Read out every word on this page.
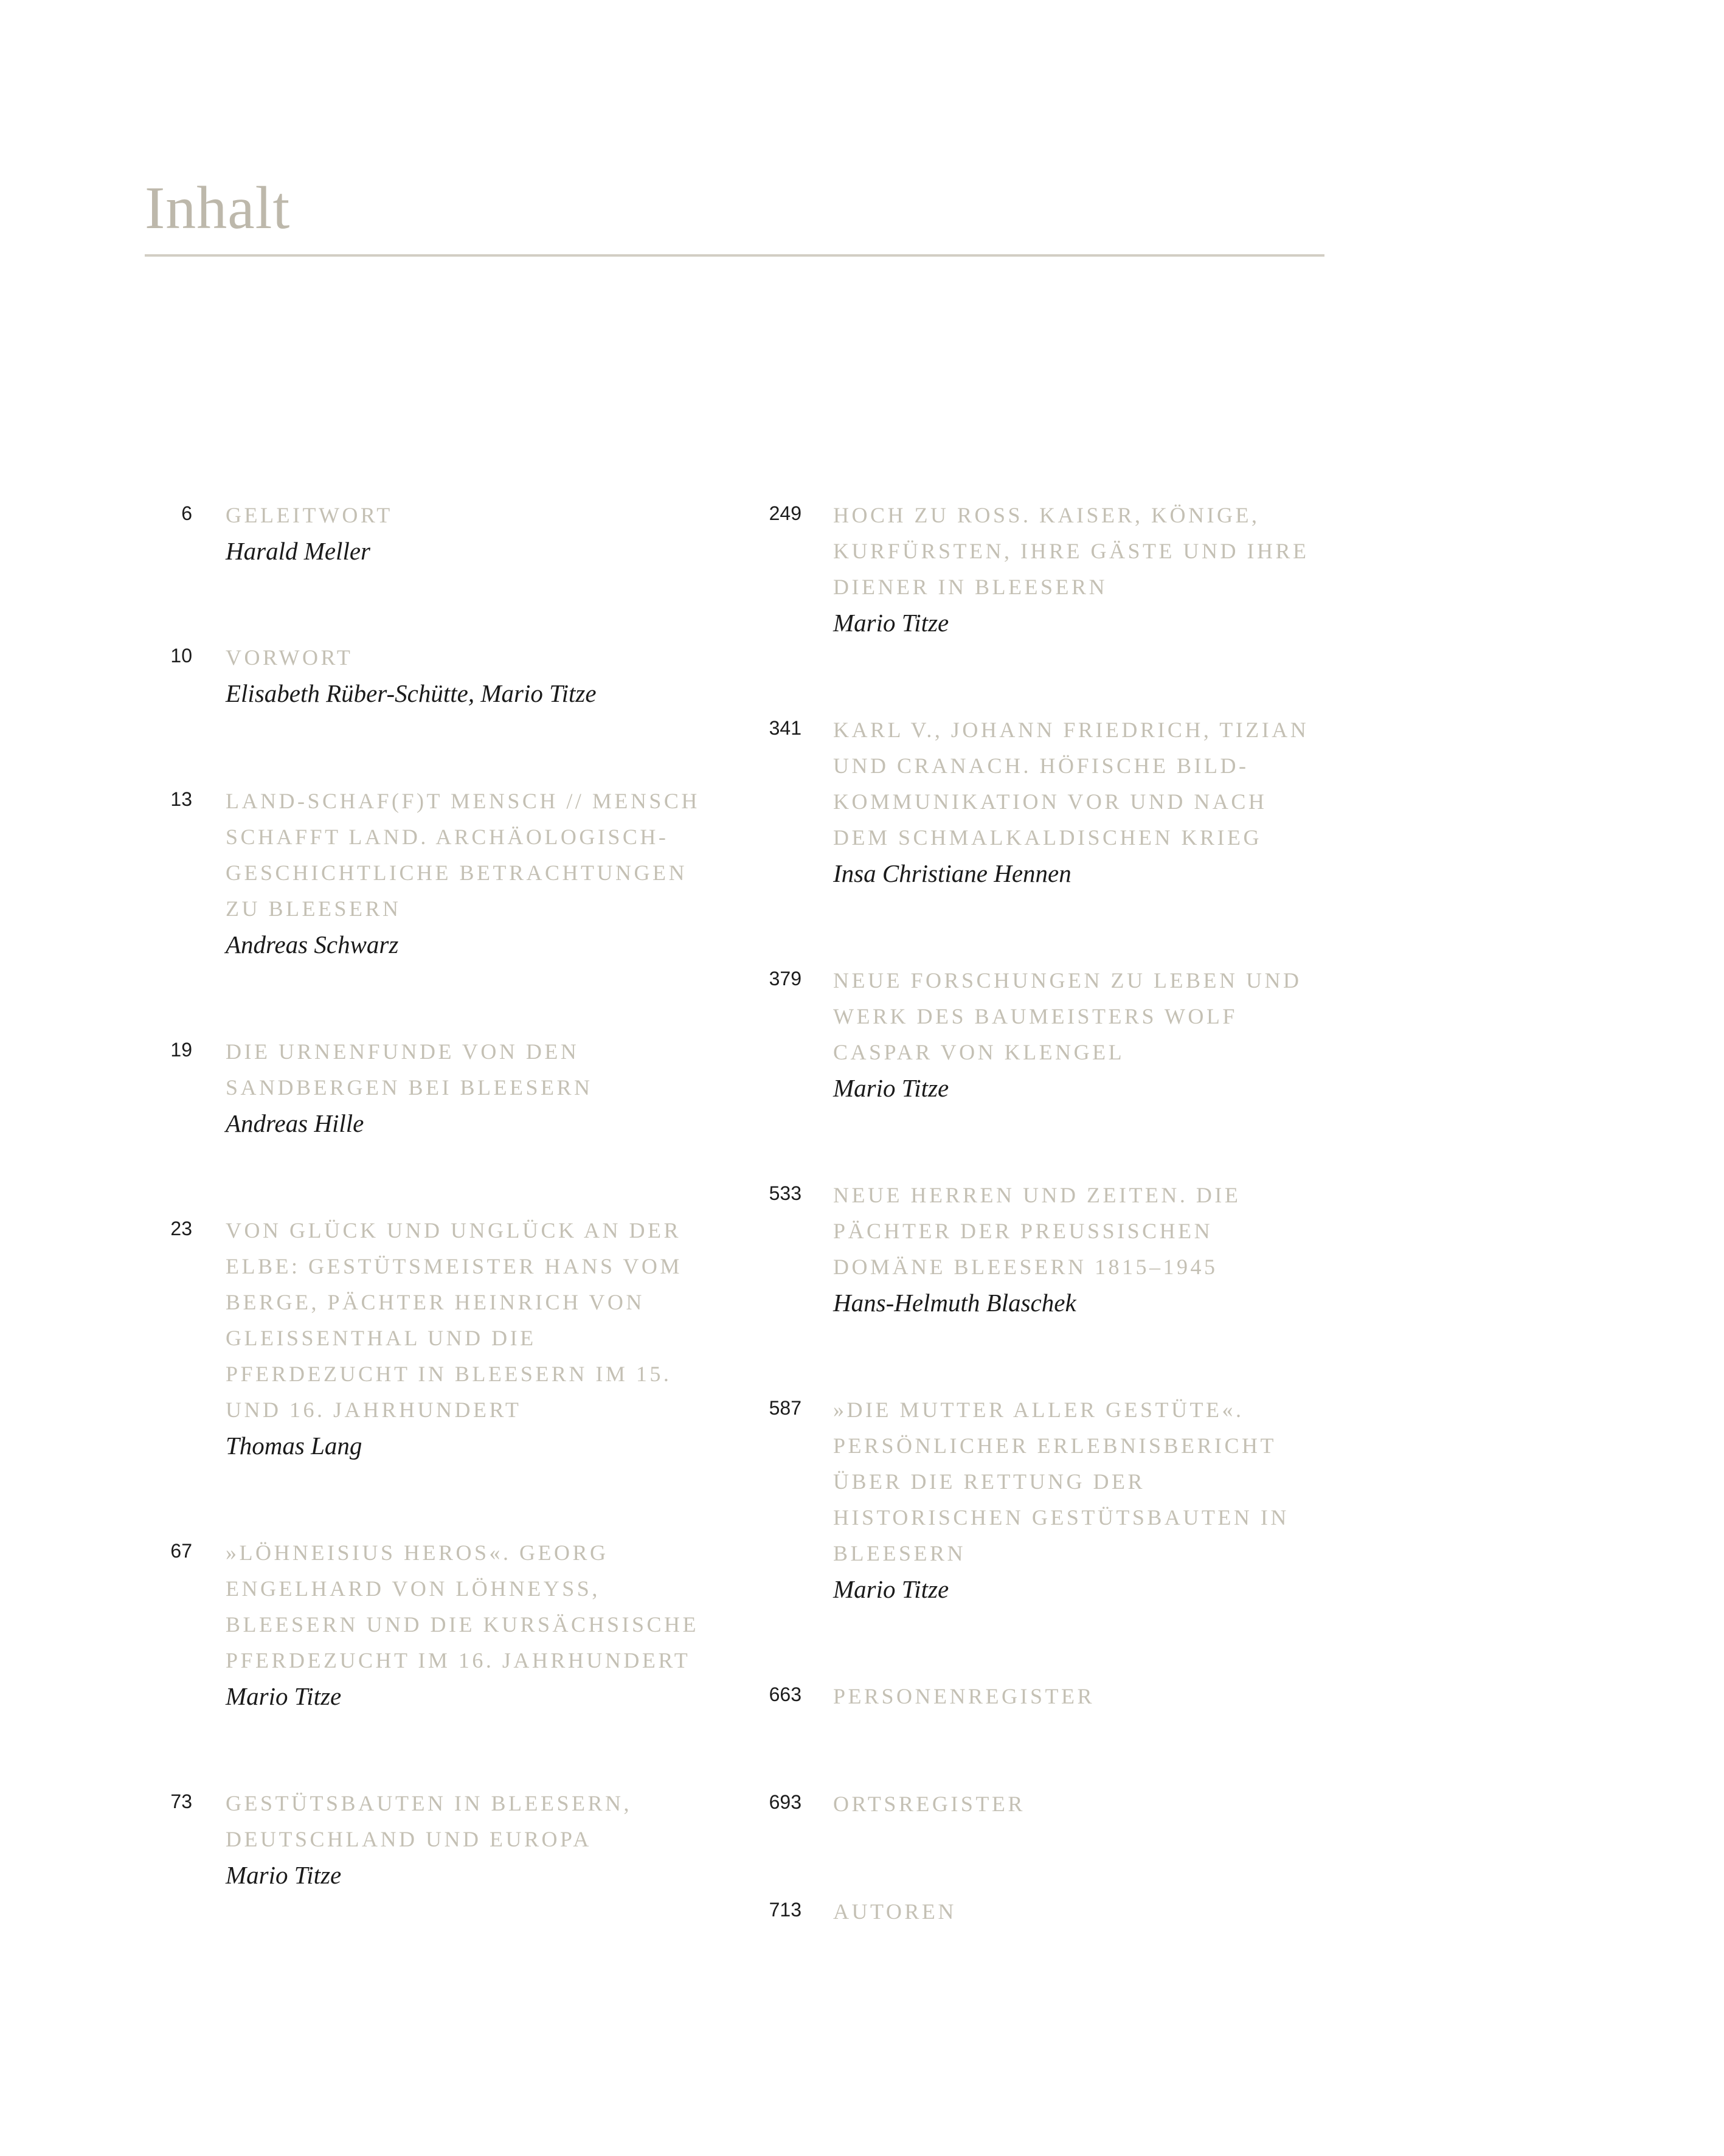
Inhalt
6 GELEITWORT
Harald Meller
10 VORWORT
Elisabeth Rüber-Schütte, Mario Titze
13 LAND-SCHAF(F)T MENSCH // MENSCH SCHAFFT LAND. ARCHÄOLOGISCH-GESCHICHTLICHE BETRACHTUNGEN ZU BLEESERN
Andreas Schwarz
19 DIE URNENFUNDE VON DEN SANDBERGEN BEI BLEESERN
Andreas Hille
23 VON GLÜCK UND UNGLÜCK AN DER ELBE: GESTÜTSMEISTER HANS VOM BERGE, PÄCHTER HEINRICH VON GLEISSENTHAL UND DIE PFERDEZUCHT IN BLEESERN IM 15. UND 16. JAHRHUNDERT
Thomas Lang
67 »LÖHNEISIUS HEROS«. GEORG ENGELHARD VON LÖHNEYSS, BLEESERN UND DIE KURSÄCHSISCHE PFERDEZUCHT IM 16. JAHRHUNDERT
Mario Titze
73 GESTÜTSBAUTEN IN BLEESERN, DEUTSCHLAND UND EUROPA
Mario Titze
249 HOCH ZU ROSS. KAISER, KÖNIGE, KURFÜRSTEN, IHRE GÄSTE UND IHRE DIENER IN BLEESERN
Mario Titze
341 KARL V., JOHANN FRIEDRICH, TIZIAN UND CRANACH. HÖFISCHE BILD-KOMMUNIKATION VOR UND NACH DEM SCHMALKALDISCHEN KRIEG
Insa Christiane Hennen
379 NEUE FORSCHUNGEN ZU LEBEN UND WERK DES BAUMEISTERS WOLF CASPAR VON KLENGEL
Mario Titze
533 NEUE HERREN UND ZEITEN. DIE PÄCHTER DER PREUSSISCHEN DOMÄNE BLEESERN 1815–1945
Hans-Helmuth Blaschek
587 »DIE MUTTER ALLER GESTÜTE«. PERSÖNLICHER ERLEBNISBERICHT ÜBER DIE RETTUNG DER HISTORISCHEN GESTÜTSBAUTEN IN BLEESERN
Mario Titze
663 PERSONENREGISTER
693 ORTSREGISTER
713 AUTOREN
